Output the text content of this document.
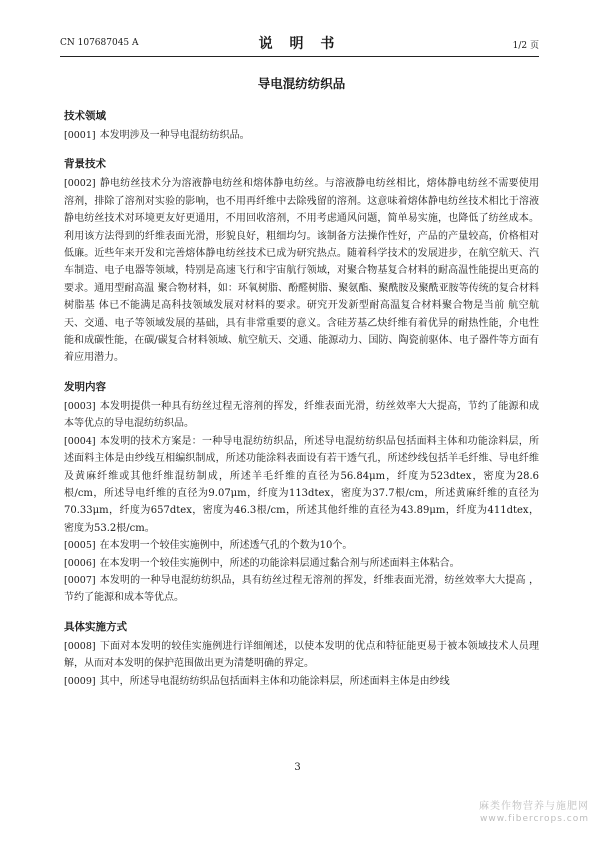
CN 107687045 A	说 明 书	1/2 页
导电混纺纺织品
技术领域

[0001] 本发明涉及一种导电混纺纺织品。

背景技术

[0002] 静电纺丝技术分为溶液静电纺丝和熔体静电纺丝。与溶液静电纺丝相比，熔体静电纺丝不需要使用溶剂，排除了溶剂对实验的影响，也不用再纤维中去除残留的溶剂。这意味着熔体静电纺丝技术相比于溶液静电纺丝技术对环境更友好更通用，不用回收溶剂，不用考虑通风问题，简单易实施，也降低了纺丝成本。利用该方法得到的纤维表面光滑，形貌良好，粗细均匀。该制备方法操作性好，产品的产量较高，价格相对低廉。近些年来开发和完善熔体静电纺丝技术已成为研究热点。随着科学技术的发展进步，在航空航天、汽车制造、电子电器等领域，特别是高速飞行和宇宙航行领域，对聚合物基复合材料的耐高温性能提出更高的要求。通用型耐高温 聚合物材料，如：环氧树脂、酚醛树脂、聚氨酯、聚酰胺及聚酰亚胺等传统的复合材料树脂基 体已不能满足高科技领域发展对材料的要求。研究开发新型耐高温复合材料聚合物是当前 航空航天、交通、电子等领域发展的基础，具有非常重要的意义。含硅芳基乙炔纤维有着优异的耐热性能，介电性能和成碳性能，在碳/碳复合材料领域、航空航天、交通、能源动力、国防、陶瓷前驱体、电子器件等方面有着应用潜力。

发明内容

[0003] 本发明提供一种具有纺丝过程无溶剂的挥发，纤维表面光滑，纺丝效率大大提高，节约了能源和成本等优点的导电混纺纺织品。

[0004] 本发明的技术方案是：一种导电混纺纺织品，所述导电混纺纺织品包括面料主体和功能涂料层，所述面料主体是由纱线互相编织制成，所述功能涂料表面设有若干透气孔，所述纱线包括羊毛纤维、导电纤维及黄麻纤维或其他纤维混纺制成，所述羊毛纤维的直径为56.84μm，纤度为523dtex，密度为28.6根/cm，所述导电纤维的直径为9.07μm，纤度为113dtex，密度为37.7根/cm，所述黄麻纤维的直径为70.33μm，纤度为657dtex，密度为46.3根/cm，所述其他纤维的直径为43.89μm，纤度为411dtex， 密度为53.2根/cm。

[0005] 在本发明一个较佳实施例中，所述透气孔的个数为10个。

[0006] 在本发明一个较佳实施例中，所述的功能涂料层通过黏合剂与所述面料主体粘合。

[0007] 本发明的一种导电混纺纺织品，具有纺丝过程无溶剂的挥发，纤维表面光滑，纺丝效率大大提高 ，节约了能源和成本等优点。

具体实施方式

[0008] 下面对本发明的较佳实施例进行详细阐述，以使本发明的优点和特征能更易于被本领域技术人员理解，从而对本发明的保护范围做出更为清楚明确的界定。

[0009] 其中，所述导电混纺纺织品包括面料主体和功能涂料层，所述面料主体是由纱线

3
麻类作物营养与施肥网
www.fibercrops.com
